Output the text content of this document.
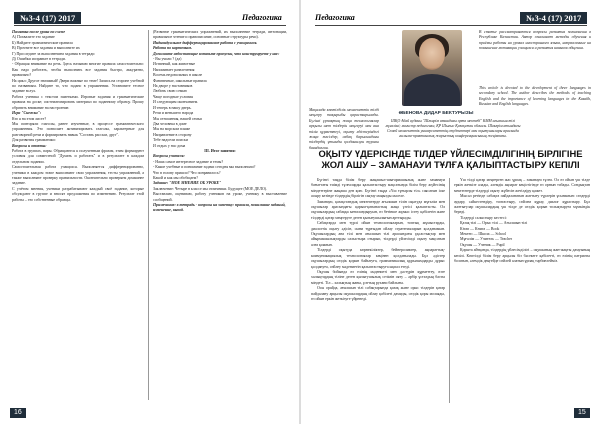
№3-4 (17) 2017	Педагогика

Памятка после урока по схеме

А) Похвалите это задание

Б) Найдите грамматические правила

В) Прочтите все задания и выполните их

Г) Проследите за выполнением задания в тетради

Д) Ошибки исправьте в тетради.

- Обращая внимание на речь. Здесь называю многие правила самостоятельно: Как надо работать, чтобы выполнить все задания быстро, аккуратно, правильно?

На цикл: Другое значимый! Двери важные по теме! Запись на стороне учебной по названиям. Найдите то, что задано в упражнении. Установите тесное задание вслух.

Работа ученика с текстом заметками. Игровые задания и грамматические правила на доске; систематизировать материал по заданному образцу. Прошу обратить внимание на настроение.

Игра "Снежки":

Кто я на этом листе?

Мы повторяли глаголы, ранее изученные, в процессе грамматического упражнения. Это позволяет активизировать глаголы, характерные для разговорной речи и формировать навык "Составь рассказ, друг".

Для развития грамматики:

Вопросы и ответы:

Работа в группах, пары. Обращаются к полученным фразам, этим формируют условия для совместной "Думать и работать" и в результате в каждом отдельном задании.

Самостоятельная работа учащихся. Выполняется дифференцированно, ученики в каждом этапе выполняют свои упражнения, тесты упражнений, а также выполняют проверку правильности. Окончательно проверяем домашнее задание.

С учётом мнения, ученики разрабатывают каждый своё задание, которые обсуждают в группе и вносят предложения по изменению. Результат этой работы – это собственные образцы.

(Развитие грамматических упражнений, их выполнение тетради, интонации, правильное чтение и правописание, основные структуры речи).

Индивидуальное дифференцированное работа с учащимися.

Работа по карточкам.

Дополните недостающие вставьте пропуски, что конструируете у нас:

- Вы учили ? (да)

Истинный, как животные

Напоминает развлечения

Восемь недовольных в школе

Фанатичные, школьные правила

На дворе у наставников

Любить свою семью

Чаще погодные условия

И следующим окончанием.

И теперь в нашу дверь.

Речи и меньшего народа

Мы отношения, нашей семьи

Два человека в доме

Мы на морском пляже

Направление в сторону

Тебе надоели поиски

И отдых у нас дома

III. Итог занятия:

Вопросы учителя:

- Наша самое интересное задание и темы?

- Какие учебные и понимание задачи сегодня мы выполнили?

Что в голову пришло? Что понравилось?

Какой и как мы обобщаем?

Задание: "МОЕ МНЕНИЕ ОБ УРОКЕ"

Заключение: Четыре в классе мы отличники. Будущее (МОЕ ДЕЛО).

Выставляю, оцениваю, работу учеников на уроке, ученику в выставление сообщений.

Примечание: в тетрадь - вопросы на заметку: правила, понимание заданий, изменение, вывод.

16
Педагогика	№3-4 (17) 2017
ӘБЕНОВА ДИДАР БЕКТУРЫЗЫ
ШҚО Абай ауданы "Шәкәрім атындағы орта мектебі" КММ ағылшын тілі мұғалімі; магистр педагогики, ҚР Шығыс Қазақстан облысы. Шәкәрім атындағы Семей мемлекеттік университеттің студенттері мен оқытушылары арасында ғылыми-практикалық жарыстың конференциясының жеңімпазы.
Мақалада көптілділік мемлекеттік тілді меңгеру тақырыбы қарастырылады. Бүгінгі ұрпақтың жаңа технологиялар арқылы шет тілдерін меңгеруі мен ана тілін құрметтеуі, оқыту әдістеріндегі жаңа тәсілдер, сабақ барысындағы тілдердің ұтымды қолданылуы туралы баяндалған.
В статье рассматриваются вопросы развития полиязычия в Республике Казахстан. Автор описывает методы обучения и приёмы работы на уроках иностранного языка, направленные на повышение мотивации учащихся и развития навыков общения.
This article is devoted to the development of three languages in secondary school. The author describes the methods of teaching English and the importance of learning languages in the Kazakh, Russian and English languages.
ОҚЫТУ ҮДЕРІСІНДЕ ТІЛДЕР ҮЙЛЕСІМДІЛІГІНІҢ БІРЛІГІНЕ ЖОЛ АШУ – ЗАМАНАУИ ТҰЛҒА ҚАЛЫПТАСТЫРУ КЕПІЛІ

Бүгінгі таңда білім беру жаңашыл-шығармашылық және заманауи бағыттағы тиімді тұлғаларды қалыптастыру мақсатында білім беру жүйесінің міндеттеріне жаңаша ден қою. Бүгінгі таңда «Үш тұғырлы тіл» саясатын іске асыру кезінде тілдердің бірлігін сақтау маңызды мәселе.

Заманауи, қазақстандық мектептерде ағылшын тілін оқытуда мұғалім мен оқушылар арасындағы қарым-қатынастың жаңа үлгісі қалыптасты. Ол оқушылардың сабаққа ынталандыруын, өз бетінше жұмыс істеу қабілетін және тілдерді қатар меңгеруге деген қызығушылығын арттырады.

Сабақтарда мен түрлі ойын технологияларын, топтық жұмыстарды, диалогтік оқыту әдісін, сыни тұрғыдан ойлау стратегияларын қолданамын. Оқушылардың ана тілі мен ағылшын тілі арасындағы ұқсастықтар мен айырмашылықтарды салыстыра отырып, тілдерді үйлесімді оқыту мақсатын алға қоямын.

Тілдерді оқытуда көрнекіліктер, бейнероликтер, ақпараттық-коммуникациялық технологиялар кеңінен қолданылады. Бұл әдістер оқушылардың сөздік қорын байытуға, грамматикалық құрылымдарды дұрыс қолдануға, сөйлеу мәдениетін қалыптастыруға ықпал етеді.

Оқушы бойында өз елінің мәдениеті мен дәстүрін құрметтеу, өзге халықтардың тіліне деген қызығушылық сезімін ояту – әрбір ұстаздың басты міндеті. Тіл – халықтың жаны, ұлттың рухани байлығы.

Осы орайда, ағылшын тілі сабақтарында қазақ және орыс тілдерін қатар пайдалану арқылы оқушылардың ойлау қабілеті дамиды, сөздік қоры молаяды, өз ойын еркін жеткізуге үйренеді.

Үш тілді қатар меңгерген жас ұрпақ – заманауи тұлға. Ол өз ойын үш тілде еркін жеткізе алады, әлемдік ақпарат кеңістігінде өз орнын табады. Сондықтан мектептерде тілдерді оқыту жүйесін жетілдіру қажет.

Мысал ретінде сабақта пайдаланатын жаттығу түрлерін ұсынамын: сөздерді аудару, сәйкестендіру, топтастыру, сөйлем құрау, диалог құрастыру. Бұл жаттығулар оқушылардың үш тілде де сөздік қорын толықтыруға мүмкіндік береді.

Тілдерді салыстыру кестесі:

Қазақ тілі — Орыс тілі — Ағылшын тілі

Кітап — Книга — Book

Мектеп — Школа — School

Мұғалім — Учитель — Teacher

Оқушы — Ученик — Pupil

Қорыта айтқанда, тілдердің үйлесімділігі – оқушының жан-жақты дамуының кепілі. Көптілді білім беру арқылы біз бәсекеге қабілетті, өз елінің патриоты болатын, әлемдік деңгейде сөйлей алатын ұрпақ тәрбиелейміз.

15
